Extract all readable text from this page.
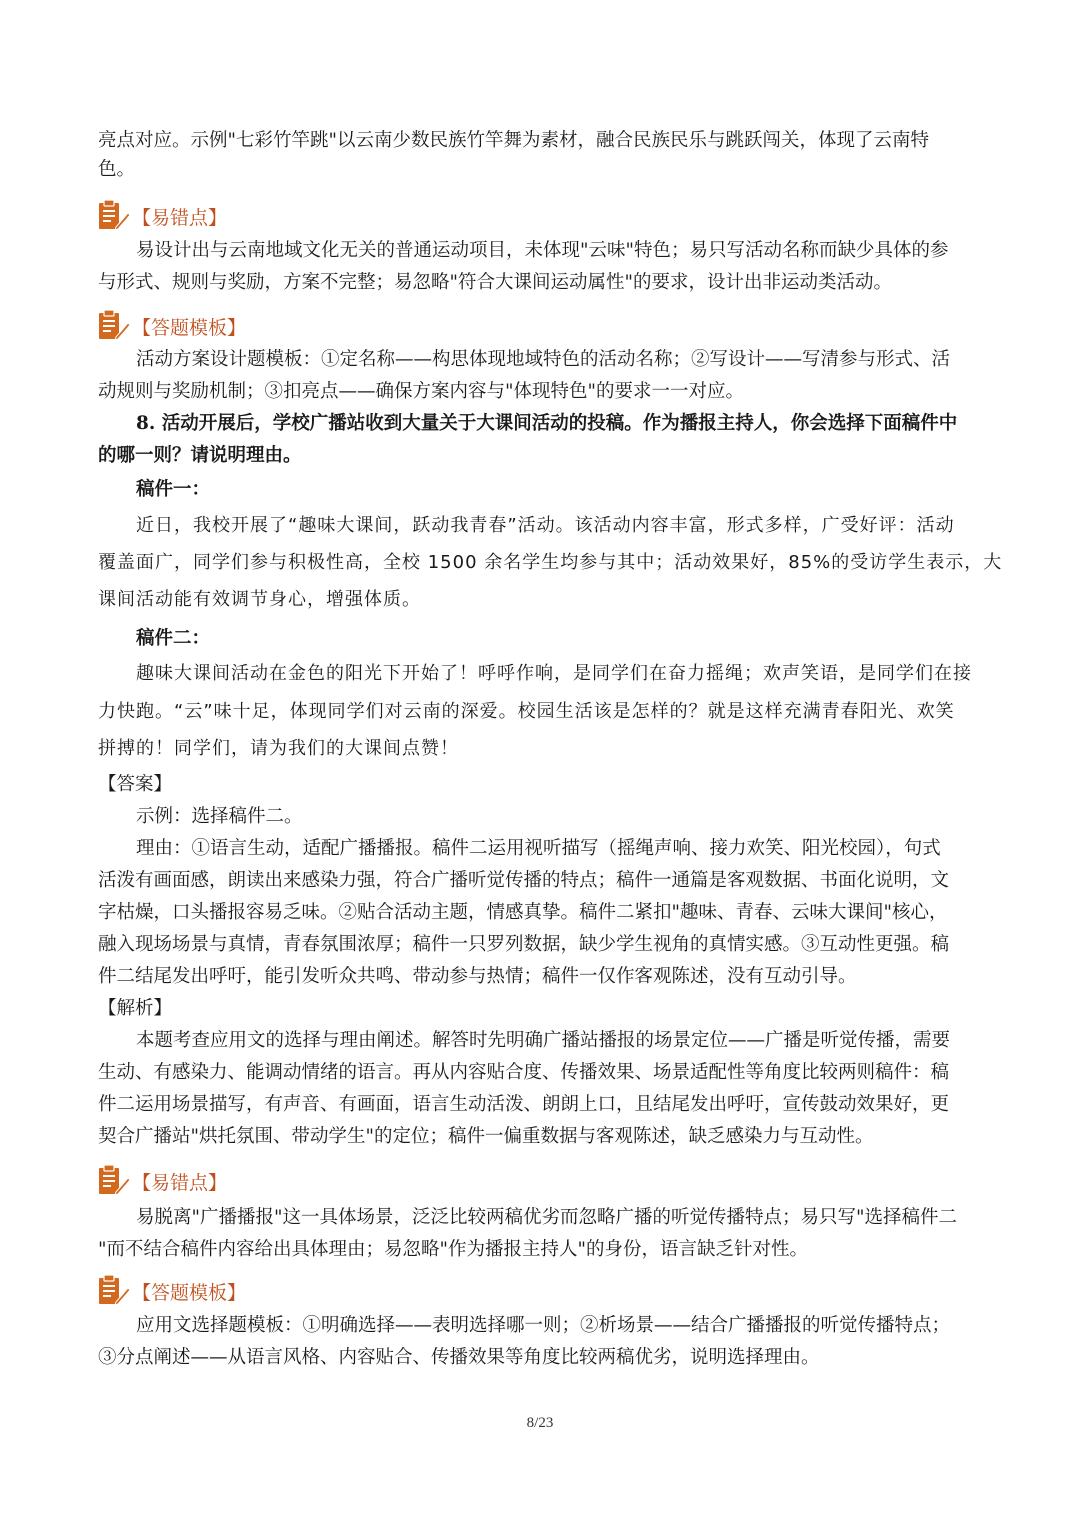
亮点对应。示例"七彩竹竿跳"以云南少数民族竹竿舞为素材，融合民族民乐与跳跃闯关，体现了云南特
色。
【易错点】
易设计出与云南地域文化无关的普通运动项目，未体现"云味"特色；易只写活动名称而缺少具体的参
与形式、规则与奖励，方案不完整；易忽略"符合大课间运动属性"的要求，设计出非运动类活动。
【答题模板】
活动方案设计题模板：①定名称——构思体现地域特色的活动名称；②写设计——写清参与形式、活
动规则与奖励机制；③扣亮点——确保方案内容与"体现特色"的要求一一对应。
8. 活动开展后，学校广播站收到大量关于大课间活动的投稿。作为播报主持人，你会选择下面稿件中
的哪一则？请说明理由。
稿件一：
近日，我校开展了“趣味大课间，跃动我青春”活动。该活动内容丰富，形式多样，广受好评：活动
覆盖面广，同学们参与积极性高，全校 1500 余名学生均参与其中；活动效果好，85%的受访学生表示，大
课间活动能有效调节身心，增强体质。
稿件二：
趣味大课间活动在金色的阳光下开始了！呼呼作响，是同学们在奋力摇绳；欢声笑语，是同学们在接
力快跑。“云”味十足，体现同学们对云南的深爱。校园生活该是怎样的？就是这样充满青春阳光、欢笑
拼搏的！同学们，请为我们的大课间点赞！
【答案】
示例：选择稿件二。
理由：①语言生动，适配广播播报。稿件二运用视听描写（摇绳声响、接力欢笑、阳光校园），句式
活泼有画面感，朗读出来感染力强，符合广播听觉传播的特点；稿件一通篇是客观数据、书面化说明，文
字枯燥，口头播报容易乏味。②贴合活动主题，情感真挚。稿件二紧扣"趣味、青春、云味大课间"核心，
融入现场场景与真情，青春氛围浓厚；稿件一只罗列数据，缺少学生视角的真情实感。③互动性更强。稿
件二结尾发出呼吁，能引发听众共鸣、带动参与热情；稿件一仅作客观陈述，没有互动引导。
【解析】
本题考查应用文的选择与理由阐述。解答时先明确广播站播报的场景定位——广播是听觉传播，需要
生动、有感染力、能调动情绪的语言。再从内容贴合度、传播效果、场景适配性等角度比较两则稿件：稿
件二运用场景描写，有声音、有画面，语言生动活泼、朗朗上口，且结尾发出呼吁，宣传鼓动效果好，更
契合广播站"烘托氛围、带动学生"的定位；稿件一偏重数据与客观陈述，缺乏感染力与互动性。
【易错点】
易脱离"广播播报"这一具体场景，泛泛比较两稿优劣而忽略广播的听觉传播特点；易只写"选择稿件二
"而不结合稿件内容给出具体理由；易忽略"作为播报主持人"的身份，语言缺乏针对性。
【答题模板】
应用文选择题模板：①明确选择——表明选择哪一则；②析场景——结合广播播报的听觉传播特点；
③分点阐述——从语言风格、内容贴合、传播效果等角度比较两稿优劣，说明选择理由。
8/23
